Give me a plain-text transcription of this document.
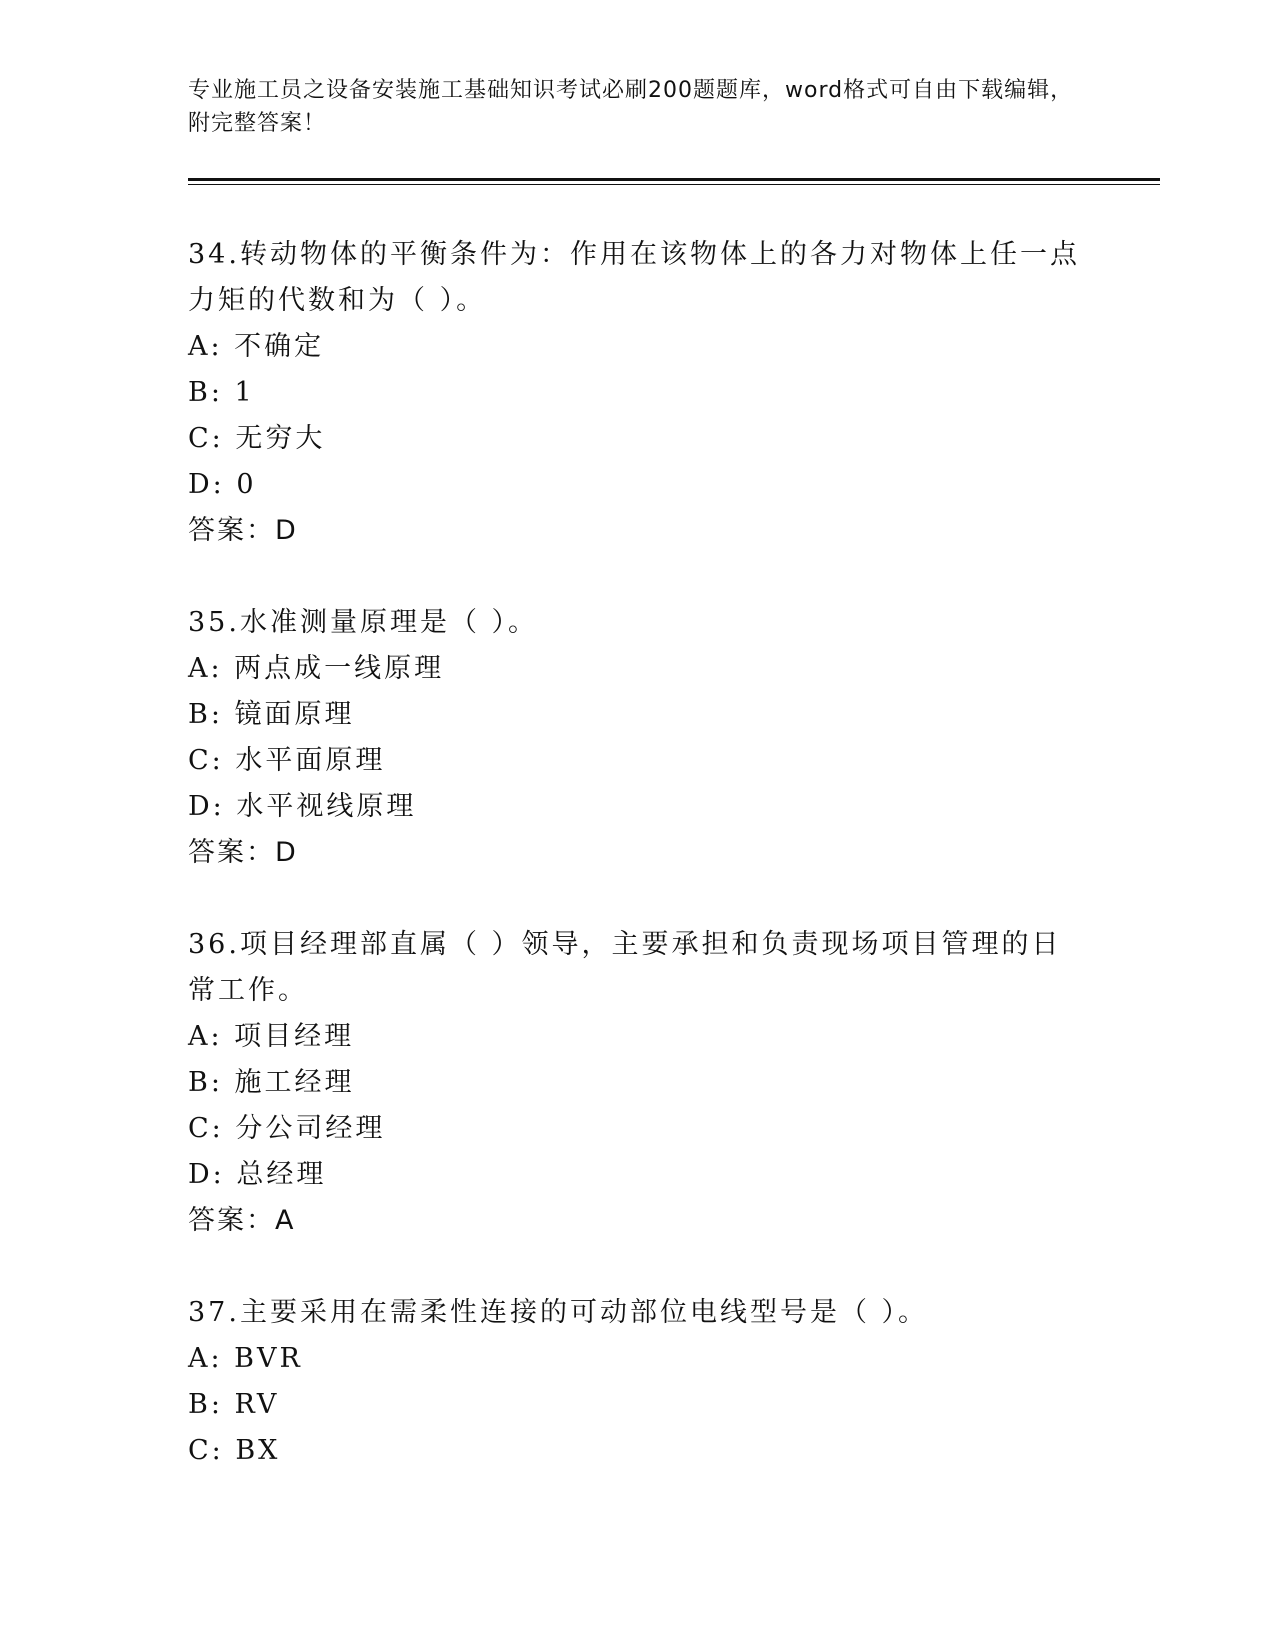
专业施工员之设备安装施工基础知识考试必刷200题题库，word格式可自由下载编辑，附完整答案！
34.转动物体的平衡条件为：作用在该物体上的各力对物体上任一点力矩的代数和为（ ）。
A: 不确定
B: 1
C: 无穷大
D: 0
答案：D
35.水准测量原理是（ ）。
A: 两点成一线原理
B: 镜面原理
C: 水平面原理
D: 水平视线原理
答案：D
36.项目经理部直属（ ）领导，主要承担和负责现场项目管理的日常工作。
A: 项目经理
B: 施工经理
C: 分公司经理
D: 总经理
答案：A
37.主要采用在需柔性连接的可动部位电线型号是（ ）。
A: BVR
B: RV
C: BX
